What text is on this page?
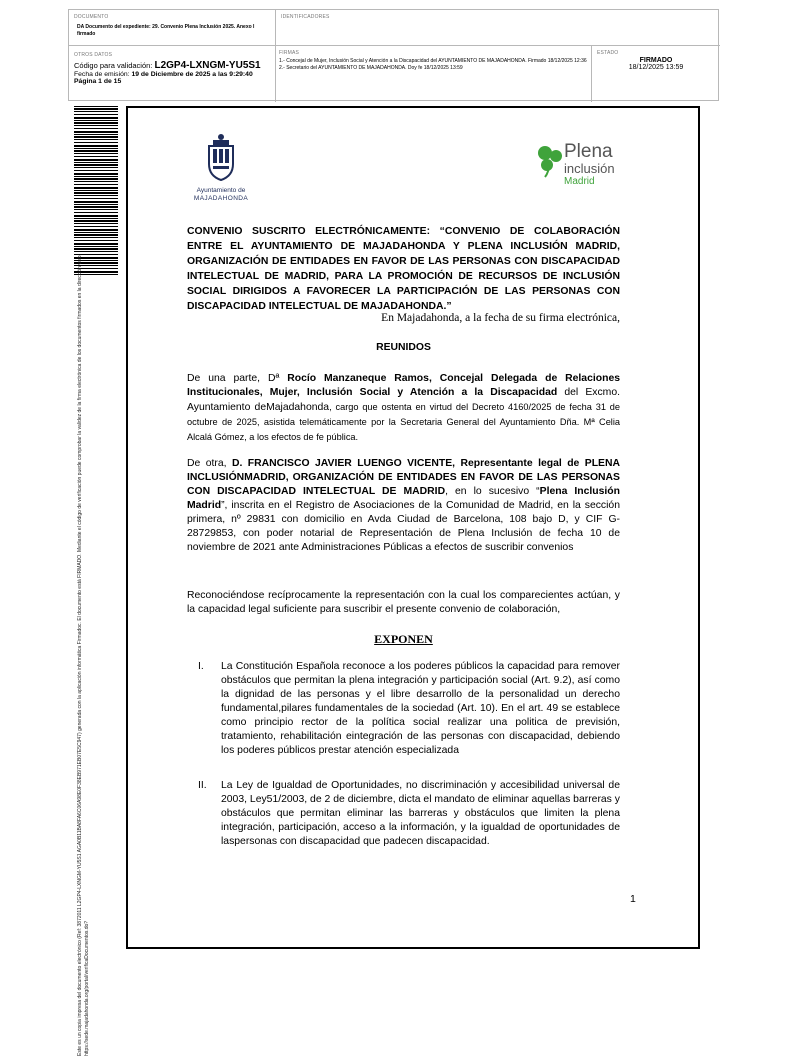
DOCUMENTO
DA Documento del expediente: 29. Convenio Plena Inclusión 2025. Anexo I firmado
IDENTIFICADORES
OTROS DATOS
Código para validación: L2GP4-LXNGM-YU5S1
Fecha de emisión: 19 de Diciembre de 2025 a las 9:29:40
Página 1 de 15
FIRMAS
1.- Concejal de Mujer, Inclusión Social y Atención a la Discapacidad del AYUNTAMIENTO DE MAJADAHONDA. Firmado 18/12/2025 12:36
2.- Secretario del AYUNTAMIENTO DE MAJADAHONDA. Doy fe 18/12/2025 13:59
ESTADO
FIRMADO
18/12/2025 13:59
Este es un copia impresa del documento electrónico (Ref: 3872011 L2GP4-LXNGM-YU5S1 AGA0B11BA8FA6C06A98E0F38EB971EB07E5C947) generada con la aplicación informática Firmadoc. El documento está FIRMADO. Mediante el código de verificación puede comprobar la validez de la firma electrónica de los documentos firmados en la dirección web: https://sede.majadahonda.org/portal/verificaDocumentos.do?
Ayuntamiento de
MAJADAHONDA
Plena
inclusión
Madrid
CONVENIO SUSCRITO ELECTRÓNICAMENTE: “CONVENIO DE COLABORACIÓN ENTRE EL AYUNTAMIENTO DE MAJADAHONDA Y PLENA INCLUSIÓN MADRID, ORGANIZACIÓN DE ENTIDADES EN FAVOR DE LAS PERSONAS CON DISCAPACIDAD INTELECTUAL DE MADRID, PARA LA PROMOCIÓN DE RECURSOS DE INCLUSIÓN SOCIAL DIRIGIDOS A FAVORECER LA PARTICIPACIÓN DE LAS PERSONAS CON DISCAPACIDAD INTELECTUAL DE MAJADAHONDA.”
En Majadahonda, a la fecha de su firma electrónica,
REUNIDOS
De una parte, Dª Rocío Manzaneque Ramos, Concejal Delegada de Relaciones Institucionales, Mujer, Inclusión Social y Atención a la Discapacidad del Excmo. Ayuntamiento deMajadahonda, cargo que ostenta en virtud del Decreto 4160/2025 de fecha 31 de octubre de 2025, asistida telemáticamente por la Secretaria General del Ayuntamiento Dña. Mª Celia Alcalá Gómez, a los efectos de fe pública.
De otra, D. FRANCISCO JAVIER LUENGO VICENTE, Representante legal de PLENA INCLUSIÓNMADRID, ORGANIZACIÓN DE ENTIDADES EN FAVOR DE LAS PERSONAS CON DISCAPACIDAD INTELECTUAL DE MADRID, en lo sucesivo “Plena Inclusión Madrid”, inscrita en el Registro de Asociaciones de la Comunidad de Madrid, en la sección primera, nº 29831 con domicilio en Avda Ciudad de Barcelona, 108 bajo D, y CIF G-28729853, con poder notarial de Representación de Plena Inclusión de fecha 10 de noviembre de 2021 ante Administraciones Públicas a efectos de suscribir convenios
Reconociéndose recíprocamente la representación con la cual los comparecientes actúan, y la capacidad legal suficiente para suscribir el presente convenio de colaboración,
EXPONEN
I. La Constitución Española reconoce a los poderes públicos la capacidad para remover obstáculos que permitan la plena integración y participación social (Art. 9.2), así como la dignidad de las personas y el libre desarrollo de la personalidad un derecho fundamental,pilares fundamentales de la sociedad (Art. 10). En el art. 49 se establece como principio rector de la política social realizar una politica de previsión, tratamiento, rehabilitación eintegración de las personas con discapacidad, debiendo los poderes públicos prestar atención especializada
II. La Ley de Igualdad de Oportunidades, no discriminación y accesibilidad universal de 2003, Ley51/2003, de 2 de diciembre, dicta el mandato de eliminar aquellas barreras y obstáculos que permitan eliminar las barreras y obstáculos que limiten la plena integración, participación, acceso a la información, y la igualdad de oportunidades de laspersonas con discapacidad que padecen discapacidad.
1
